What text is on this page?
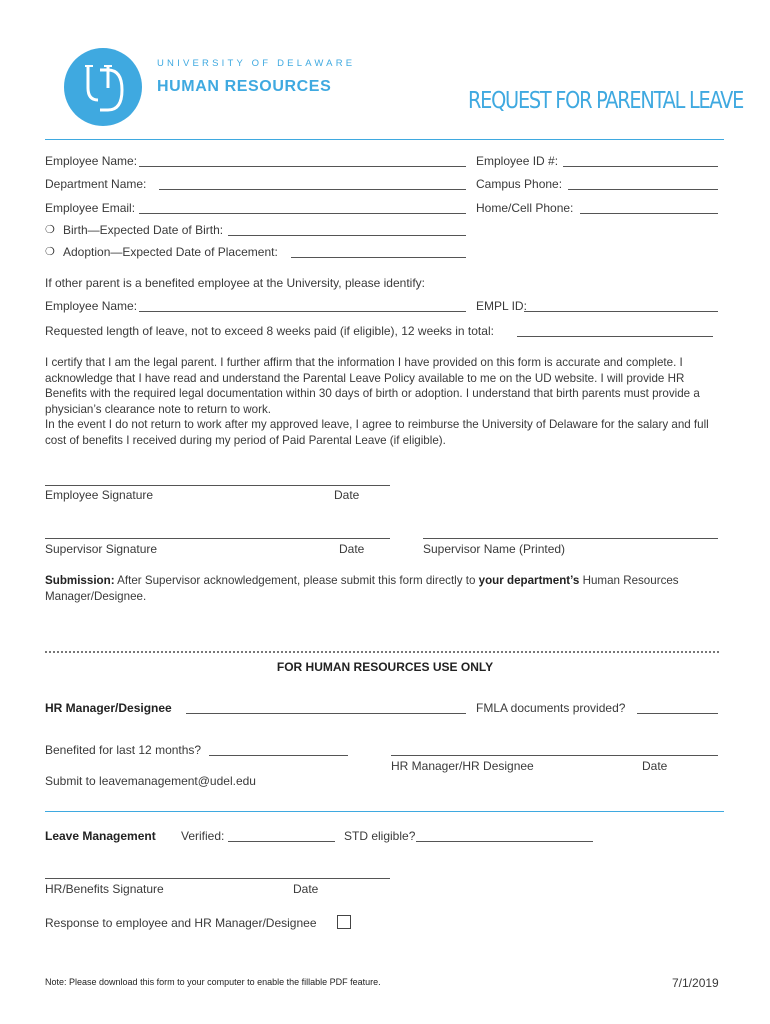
UNIVERSITY OF DELAWARE
HUMAN RESOURCES
REQUEST FOR PARENTAL LEAVE
Employee Name:	Employee ID #:
Department Name:	Campus Phone:
Employee Email:	Home/Cell Phone:
❍ Birth—Expected Date of Birth:
❍ Adoption—Expected Date of Placement:
If other parent is a benefited employee at the University, please identify:
Employee Name:	EMPL ID:
Requested length of leave, not to exceed 8 weeks paid (if eligible), 12 weeks in total:

I certify that I am the legal parent. I further affirm that the information I have provided on this form is accurate and complete. I acknowledge that I have read and understand the Parental Leave Policy available to me on the UD website. I will provide HR Benefits with the required legal documentation within 30 days of birth or adoption. I understand that birth parents must provide a physician’s clearance note to return to work.

In the event I do not return to work after my approved leave, I agree to reimburse the University of Delaware for the salary and full cost of benefits I received during my period of Paid Parental Leave (if eligible).

Employee Signature	Date
Supervisor Signature	Date	Supervisor Name (Printed)
Submission: After Supervisor acknowledgement, please submit this form directly to your department’s Human Resources Manager/Designee.
FOR HUMAN RESOURCES USE ONLY
HR Manager/Designee	FMLA documents provided?
Benefited for last 12 months?
HR Manager/HR Designee	Date
Submit to leavemanagement@udel.edu
Leave Management Verified:	STD eligible?
HR/Benefits Signature	Date
Response to employee and HR Manager/Designee
Note: Please download this form to your computer to enable the fillable PDF feature.	7/1/2019
